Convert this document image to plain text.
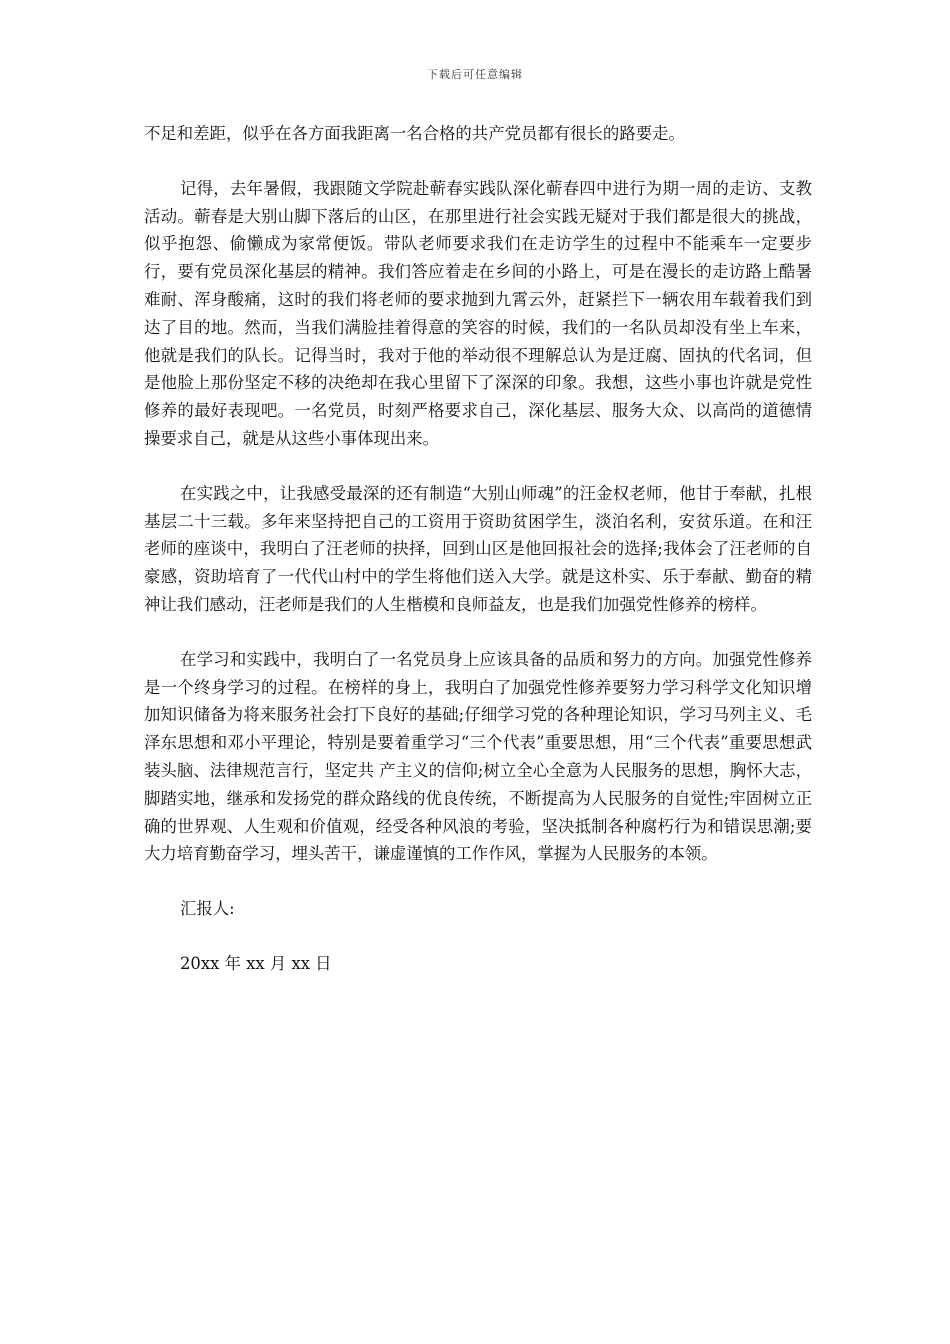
下载后可任意编辑

不足和差距，似乎在各方面我距离一名合格的共产党员都有很长的路要走。

记得，去年暑假，我跟随文学院赴蕲春实践队深化蕲春四中进行为期一周的走访、支教活动。蕲春是大别山脚下落后的山区，在那里进行社会实践无疑对于我们都是很大的挑战，似乎抱怨、偷懒成为家常便饭。带队老师要求我们在走访学生的过程中不能乘车一定要步行，要有党员深化基层的精神。我们答应着走在乡间的小路上，可是在漫长的走访路上酷暑难耐、浑身酸痛，这时的我们将老师的要求抛到九霄云外，赶紧拦下一辆农用车载着我们到达了目的地。然而，当我们满脸挂着得意的笑容的时候，我们的一名队员却没有坐上车来，他就是我们的队长。记得当时，我对于他的举动很不理解总认为是迂腐、固执的代名词，但是他脸上那份坚定不移的决绝却在我心里留下了深深的印象。我想，这些小事也许就是党性修养的最好表现吧。一名党员，时刻严格要求自己，深化基层、服务大众、以高尚的道德情操要求自己，就是从这些小事体现出来。

在实践之中，让我感受最深的还有制造“大别山师魂”的汪金权老师，他甘于奉献，扎根基层二十三载。多年来坚持把自己的工资用于资助贫困学生，淡泊名利，安贫乐道。在和汪老师的座谈中，我明白了汪老师的抉择，回到山区是他回报社会的选择;我体会了汪老师的自豪感，资助培育了一代代山村中的学生将他们送入大学。就是这朴实、乐于奉献、勤奋的精神让我们感动，汪老师是我们的人生楷模和良师益友，也是我们加强党性修养的榜样。

在学习和实践中，我明白了一名党员身上应该具备的品质和努力的方向。加强党性修养是一个终身学习的过程。在榜样的身上，我明白了加强党性修养要努力学习科学文化知识增加知识储备为将来服务社会打下良好的基础;仔细学习党的各种理论知识，学习马列主义、毛泽东思想和邓小平理论，特别是要着重学习“三个代表”重要思想，用“三个代表”重要思想武装头脑、法律规范言行，坚定共 产主义的信仰;树立全心全意为人民服务的思想，胸怀大志，脚踏实地，继承和发扬党的群众路线的优良传统，不断提高为人民服务的自觉性;牢固树立正确的世界观、人生观和价值观，经受各种风浪的考验，坚决抵制各种腐朽行为和错误思潮;要大力培育勤奋学习，埋头苦干，谦虚谨慎的工作作风，掌握为人民服务的本领。

汇报人:

20xx 年 xx 月 xx 日
